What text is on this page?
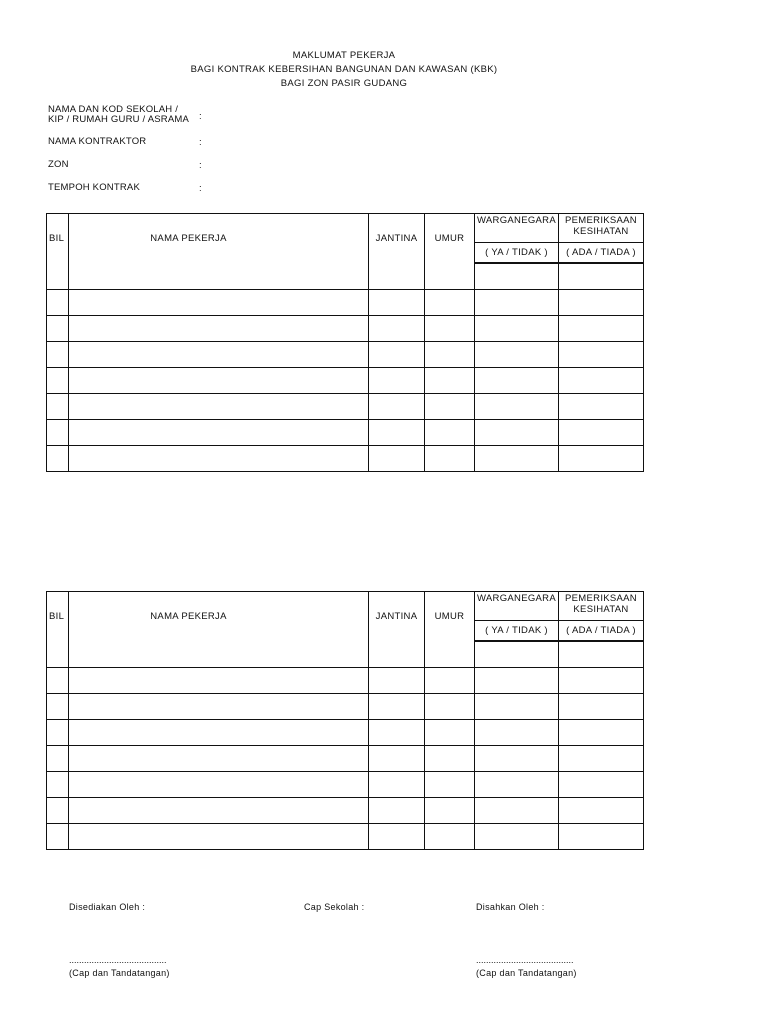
MAKLUMAT PEKERJA
BAGI KONTRAK KEBERSIHAN BANGUNAN DAN KAWASAN (KBK)
BAGI ZON PASIR GUDANG
NAMA DAN KOD SEKOLAH /
KIP / RUMAH GURU / ASRAMA :
NAMA KONTRAKTOR	:
ZON	:
TEMPOH KONTRAK	:
BIL	NAMA PEKERJA	JANTINA	UMUR	WARGANEGARA	PEMERIKSAAN
KESIHATAN

				( YA / TIDAK )	( ADA / TIADA )

BIL	NAMA PEKERJA	JANTINA	UMUR	WARGANEGARA	PEMERIKSAAN
KESIHATAN

				( YA / TIDAK )	( ADA / TIADA )

Disediakan Oleh :	Cap Sekolah :	Disahkan Oleh :
.......................................	.......................................
(Cap dan Tandatangan)	(Cap dan Tandatangan)
